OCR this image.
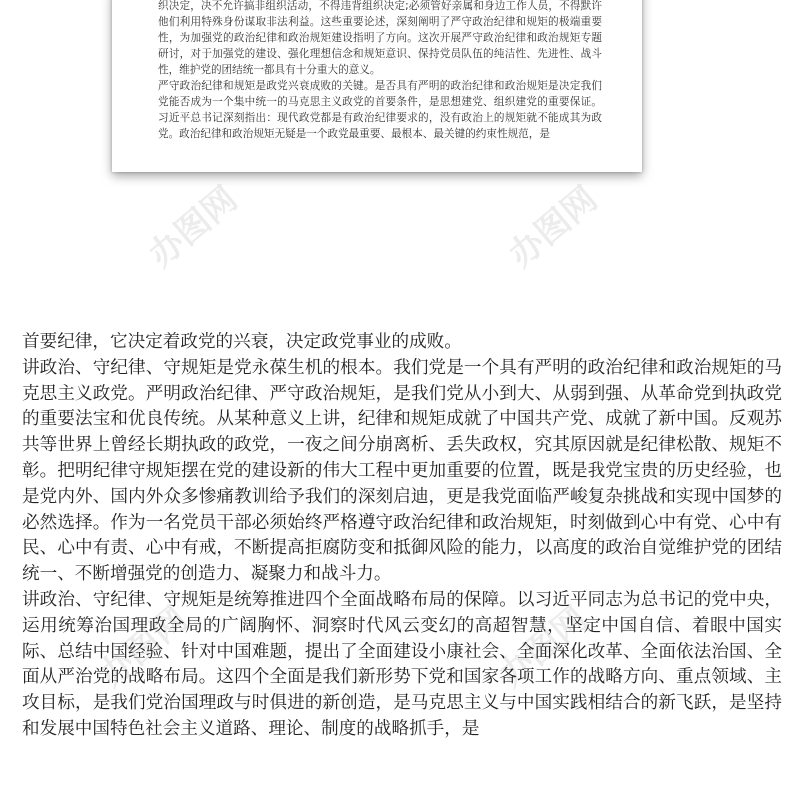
织决定，决不允许搞非组织活动，不得违背组织决定;必须管好亲属和身边工作人员，不得默许他们利用特殊身份谋取非法利益。这些重要论述，深刻阐明了严守政治纪律和规矩的极端重要性，为加强党的政治纪律和政治规矩建设指明了方向。这次开展严守政治纪律和政治规矩专题研讨，对于加强党的建设、强化理想信念和规矩意识、保持党员队伍的纯洁性、先进性、战斗性，维护党的团结统一都具有十分重大的意义。

严守政治纪律和规矩是政党兴衰成败的关键。是否具有严明的政治纪律和政治规矩是决定我们党能否成为一个集中统一的马克思主义政党的首要条件，是思想建党、组织建党的重要保证。习近平总书记深刻指出：现代政党都是有政治纪律要求的，没有政治上的规矩就不能成其为政党。政治纪律和政治规矩无疑是一个政党最重要、最根本、最关键的约束性规范，是

办图网	办图网
办图网	办图网

首要纪律，它决定着政党的兴衰，决定政党事业的成败。

讲政治、守纪律、守规矩是党永葆生机的根本。我们党是一个具有严明的政治纪律和政治规矩的马克思主义政党。严明政治纪律、严守政治规矩，是我们党从小到大、从弱到强、从革命党到执政党的重要法宝和优良传统。从某种意义上讲，纪律和规矩成就了中国共产党、成就了新中国。反观苏共等世界上曾经长期执政的政党，一夜之间分崩离析、丢失政权，究其原因就是纪律松散、规矩不彰。把明纪律守规矩摆在党的建设新的伟大工程中更加重要的位置，既是我党宝贵的历史经验，也是党内外、国内外众多惨痛教训给予我们的深刻启迪，更是我党面临严峻复杂挑战和实现中国梦的必然选择。作为一名党员干部必须始终严格遵守政治纪律和政治规矩，时刻做到心中有党、心中有民、心中有责、心中有戒，不断提高拒腐防变和抵御风险的能力，以高度的政治自觉维护党的团结统一、不断增强党的创造力、凝聚力和战斗力。

讲政治、守纪律、守规矩是统筹推进四个全面战略布局的保障。以习近平同志为总书记的党中央，运用统筹治国理政全局的广阔胸怀、洞察时代风云变幻的高超智慧，坚定中国自信、着眼中国实际、总结中国经验、针对中国难题，提出了全面建设小康社会、全面深化改革、全面依法治国、全面从严治党的战略布局。这四个全面是我们新形势下党和国家各项工作的战略方向、重点领域、主攻目标，是我们党治国理政与时俱进的新创造，是马克思主义与中国实践相结合的新飞跃，是坚持和发展中国特色社会主义道路、理论、制度的战略抓手，是
